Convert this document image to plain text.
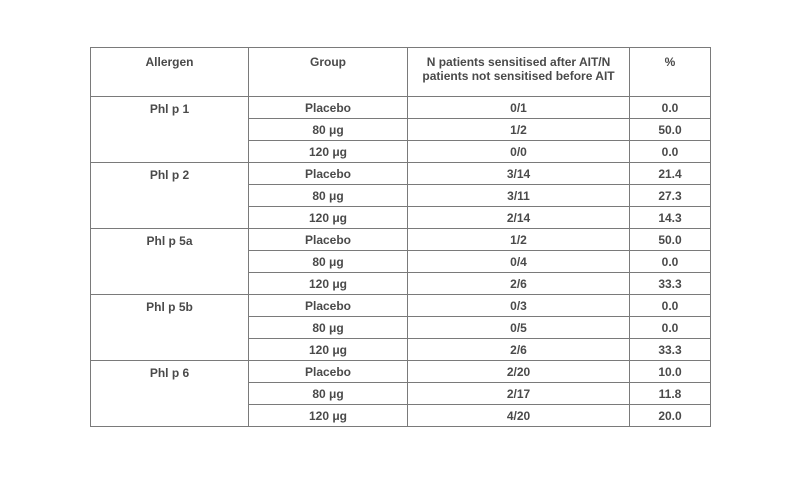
Allergen	Group	N patients sensitised after AIT/N patients not sensitised before AIT	%
Phl p 1	Placebo	0/1	0.0
	80 μg	1/2	50.0
	120 μg	0/0	0.0
Phl p 2	Placebo	3/14	21.4
	80 μg	3/11	27.3
	120 μg	2/14	14.3
Phl p 5a	Placebo	1/2	50.0
	80 μg	0/4	0.0
	120 μg	2/6	33.3
Phl p 5b	Placebo	0/3	0.0
	80 μg	0/5	0.0
	120 μg	2/6	33.3
Phl p 6	Placebo	2/20	10.0
	80 μg	2/17	11.8
	120 μg	4/20	20.0
